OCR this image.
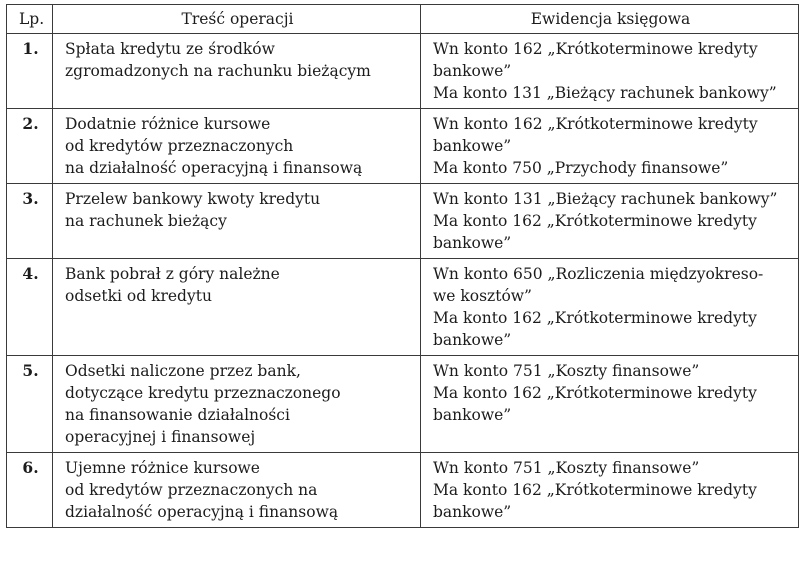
Lp.	Treść operacji	Ewidencja księgowa
1.	Spłata kredytu ze środków
zgromadzonych na rachunku bieżącym	Wn konto 162 „Krótkoterminowe kredyty
bankowe”
Ma konto 131 „Bieżący rachunek bankowy”

2.	Dodatnie różnice kursowe
od kredytów przeznaczonych
na działalność operacyjną i finansową	Wn konto 162 „Krótkoterminowe kredyty
bankowe”
Ma konto 750 „Przychody finansowe”

3.	Przelew bankowy kwoty kredytu
na rachunek bieżący	Wn konto 131 „Bieżący rachunek bankowy”
Ma konto 162 „Krótkoterminowe kredyty
bankowe”

4.	Bank pobrał z góry należne
odsetki od kredytu	Wn konto 650 „Rozliczenia międzyokreso-
we kosztów”
Ma konto 162 „Krótkoterminowe kredyty
bankowe”

5.	Odsetki naliczone przez bank,
dotyczące kredytu przeznaczonego
na finansowanie działalności
operacyjnej i finansowej	Wn konto 751 „Koszty finansowe”
Ma konto 162 „Krótkoterminowe kredyty
bankowe”

6.	Ujemne różnice kursowe
od kredytów przeznaczonych na
działalność operacyjną i finansową	Wn konto 751 „Koszty finansowe”
Ma konto 162 „Krótkoterminowe kredyty
bankowe”
